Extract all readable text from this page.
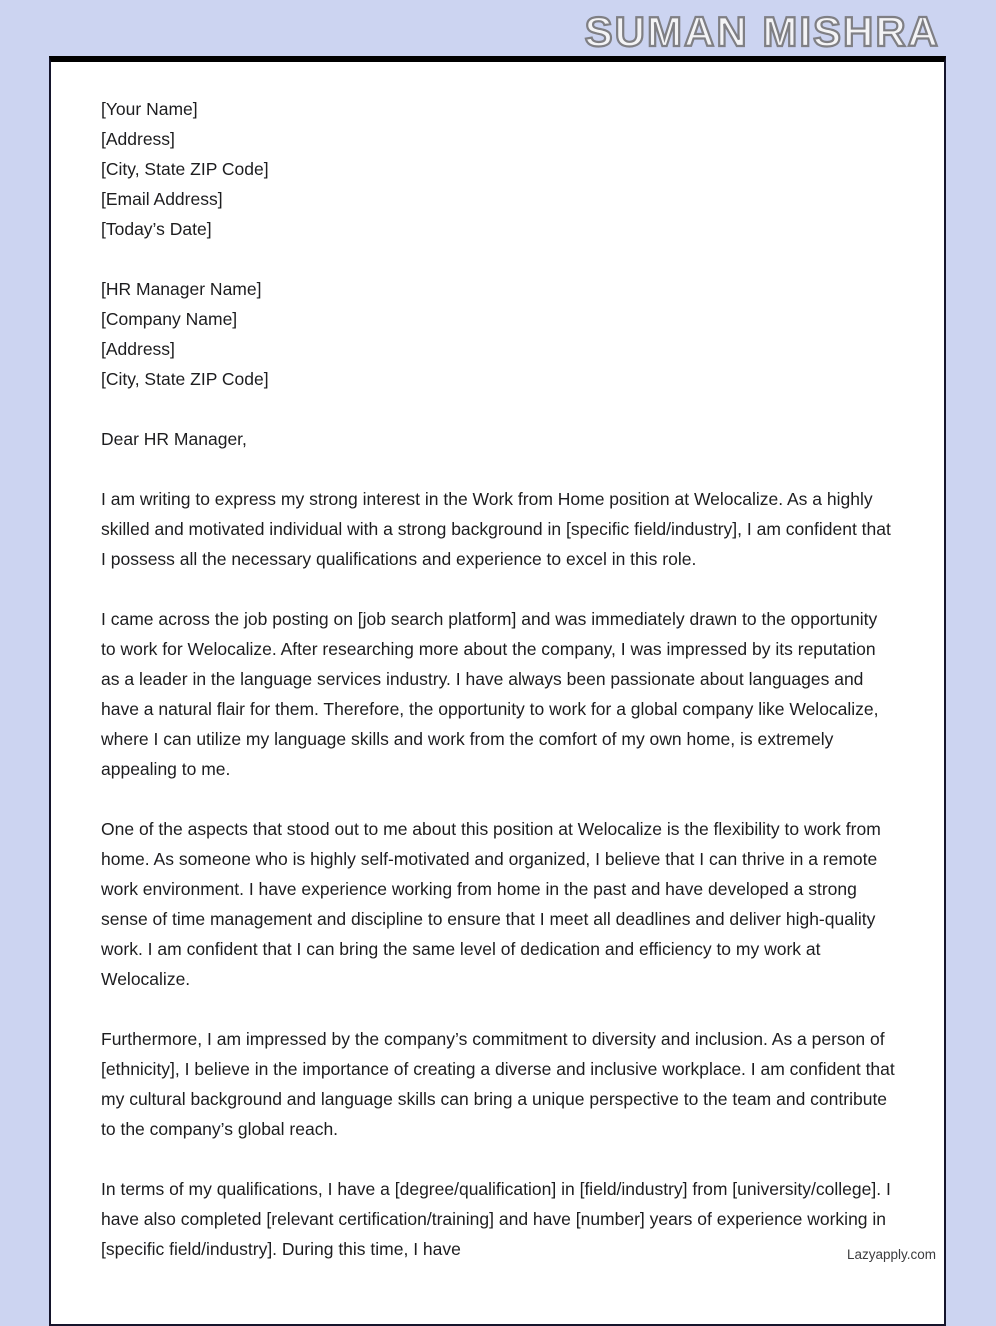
SUMAN MISHRA
[Your Name]
[Address]
[City, State ZIP Code]
[Email Address]
[Today’s Date]
[HR Manager Name]
[Company Name]
[Address]
[City, State ZIP Code]
Dear HR Manager,

I am writing to express my strong interest in the Work from Home position at Welocalize. As a highly skilled and motivated individual with a strong background in [specific field/industry], I am confident that I possess all the necessary qualifications and experience to excel in this role.

I came across the job posting on [job search platform] and was immediately drawn to the opportunity to work for Welocalize. After researching more about the company, I was impressed by its reputation as a leader in the language services industry. I have always been passionate about languages and have a natural flair for them. Therefore, the opportunity to work for a global company like Welocalize, where I can utilize my language skills and work from the comfort of my own home, is extremely appealing to me.

One of the aspects that stood out to me about this position at Welocalize is the flexibility to work from home. As someone who is highly self-motivated and organized, I believe that I can thrive in a remote work environment. I have experience working from home in the past and have developed a strong sense of time management and discipline to ensure that I meet all deadlines and deliver high-quality work. I am confident that I can bring the same level of dedication and efficiency to my work at Welocalize.

Furthermore, I am impressed by the company’s commitment to diversity and inclusion. As a person of [ethnicity], I believe in the importance of creating a diverse and inclusive workplace. I am confident that my cultural background and language skills can bring a unique perspective to the team and contribute to the company’s global reach.

In terms of my qualifications, I have a [degree/qualification] in [field/industry] from [university/college]. I have also completed [relevant certification/training] and have [number] years of experience working in [specific field/industry]. During this time, I have	Lazyapply.com
